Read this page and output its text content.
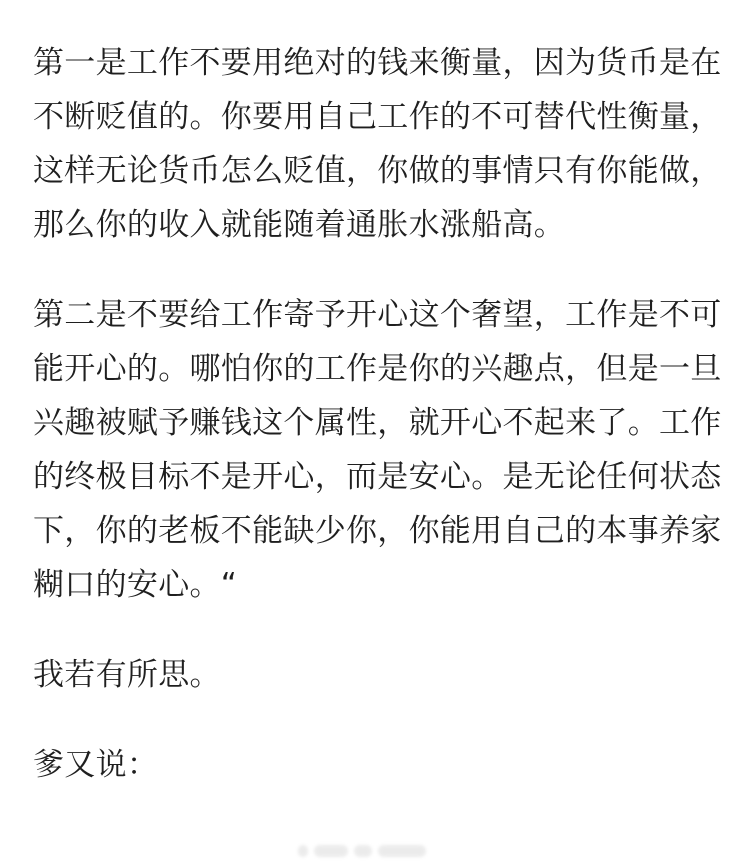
第一是工作不要用绝对的钱来衡量，因为货币是在
不断贬值的。你要用自己工作的不可替代性衡量，
这样无论货币怎么贬值，你做的事情只有你能做，
那么你的收入就能随着通胀水涨船高。

第二是不要给工作寄予开心这个奢望，工作是不可
能开心的。哪怕你的工作是你的兴趣点，但是一旦
兴趣被赋予赚钱这个属性，就开心不起来了。工作
的终极目标不是开心，而是安心。是无论任何状态
下，你的老板不能缺少你，你能用自己的本事养家
糊口的安心。“

我若有所思。

爹又说：
